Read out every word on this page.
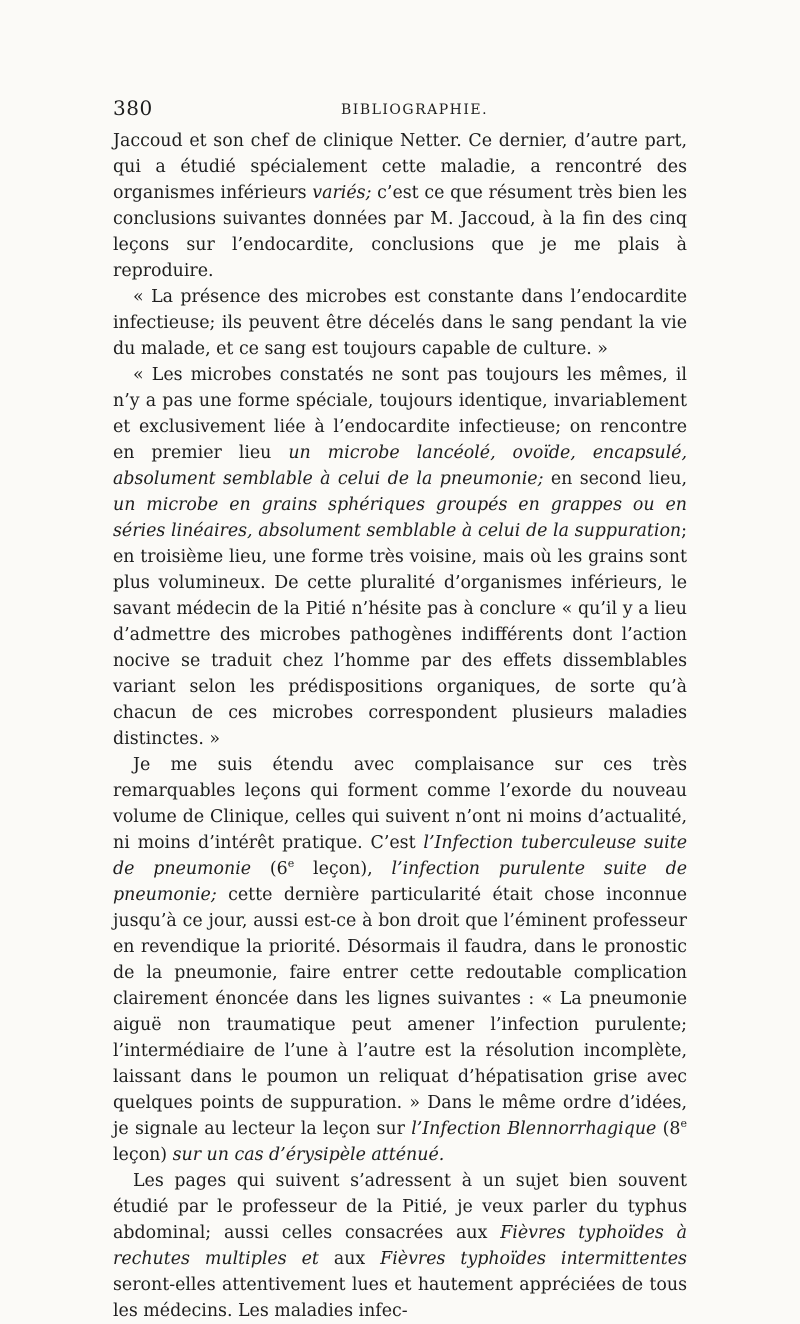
380	BIBLIOGRAPHIE.

Jaccoud et son chef de clinique Netter. Ce dernier, d’autre part, qui a étudié spécialement cette maladie, a rencontré des organismes inférieurs variés; c’est ce que résument très bien les conclusions suivantes données par M. Jaccoud, à la fin des cinq leçons sur l’endocardite, conclusions que je me plais à reproduire.

« La présence des microbes est constante dans l’endocardite infectieuse; ils peuvent être décelés dans le sang pendant la vie du malade, et ce sang est toujours capable de culture. »

« Les microbes constatés ne sont pas toujours les mêmes, il n’y a pas une forme spéciale, toujours identique, invariablement et exclusivement liée à l’endocardite infectieuse; on rencontre en premier lieu un microbe lancéolé, ovoïde, encapsulé, absolument semblable à celui de la pneumonie; en second lieu, un microbe en grains sphériques groupés en grappes ou en séries linéaires, absolument semblable à celui de la suppuration; en troisième lieu, une forme très voisine, mais où les grains sont plus volumineux. De cette pluralité d’organismes inférieurs, le savant médecin de la Pitié n’hésite pas à conclure « qu’il y a lieu d’admettre des microbes pathogènes indifférents dont l’action nocive se traduit chez l’homme par des effets dissemblables variant selon les prédispositions organiques, de sorte qu’à chacun de ces microbes correspondent plusieurs maladies distinctes. »

Je me suis étendu avec complaisance sur ces très remarquables leçons qui forment comme l’exorde du nouveau volume de Clinique, celles qui suivent n’ont ni moins d’actualité, ni moins d’intérêt pratique. C’est l’Infection tuberculeuse suite de pneumonie (6e leçon), l’infection purulente suite de pneumonie; cette dernière particularité était chose inconnue jusqu’à ce jour, aussi est-ce à bon droit que l’éminent professeur en revendique la priorité. Désormais il faudra, dans le pronostic de la pneumonie, faire entrer cette redoutable complication clairement énoncée dans les lignes suivantes : « La pneumonie aiguë non traumatique peut amener l’infection purulente; l’intermédiaire de l’une à l’autre est la résolution incomplète, laissant dans le poumon un reliquat d’hépatisation grise avec quelques points de suppuration. » Dans le même ordre d’idées, je signale au lecteur la leçon sur l’Infection Blennorrhagique (8e leçon) sur un cas d’érysipèle atténué.

Les pages qui suivent s’adressent à un sujet bien souvent étudié par le professeur de la Pitié, je veux parler du typhus abdominal; aussi celles consacrées aux Fièvres typhoïdes à rechutes multiples et aux Fièvres typhoïdes intermittentes seront-elles attentivement lues et hautement appréciées de tous les médecins. Les maladies infec-
